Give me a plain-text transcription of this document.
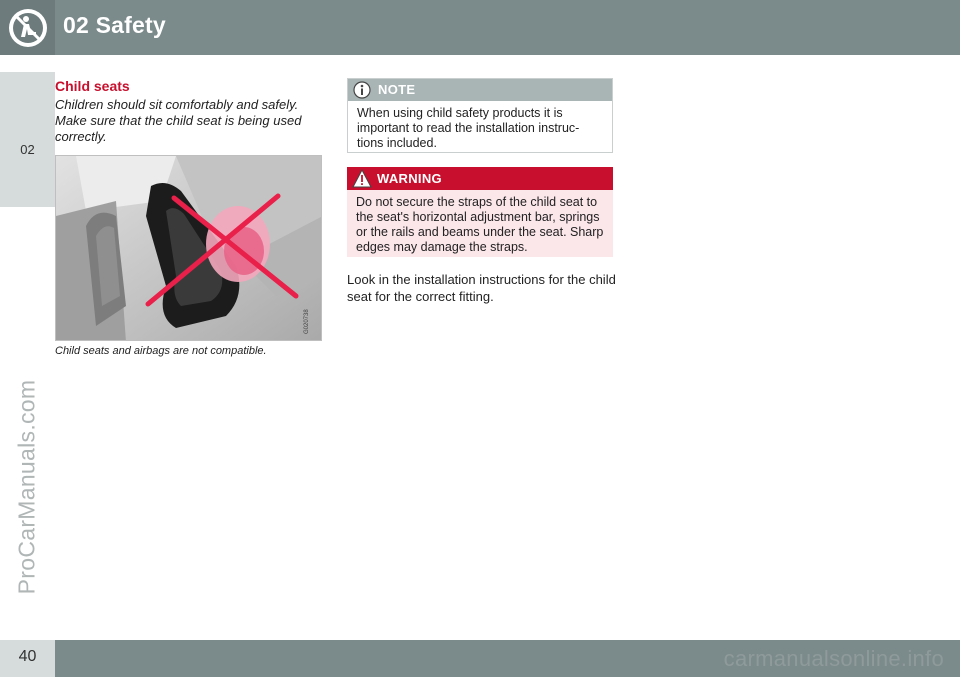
02 Safety
02
ProCarManuals.com
Child seats
Children should sit comfortably and safely. Make sure that the child seat is being used correctly.
G020738
Child seats and airbags are not compatible.
NOTE
When using child safety products it is important to read the installation instruc-tions included.
WARNING
Do not secure the straps of the child seat to the seat's horizontal adjustment bar, springs or the rails and beams under the seat. Sharp edges may damage the straps.
Look in the installation instructions for the child seat for the correct fitting.
40	carmanualsonline.info
